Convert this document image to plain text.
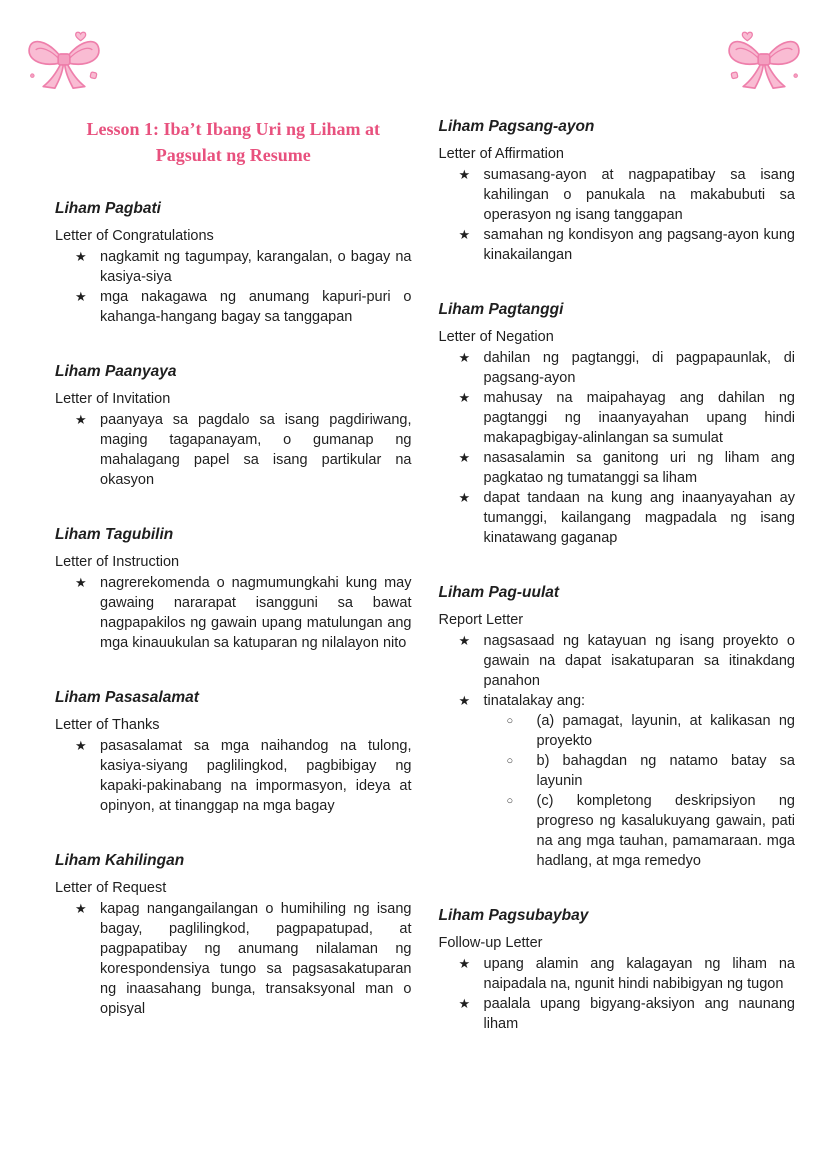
Lesson 1: Iba’t Ibang Uri ng Liham at
Pagsulat ng Resume
Liham Pagbati

Letter of Congratulations

★ nagkamit ng tagumpay, karangalan, o bagay na kasiya-siya
★ mga nakagawa ng anumang kapuri-puri o kahanga-hangang bagay sa tanggapan
Liham Paanyaya

Letter of Invitation

★ paanyaya sa pagdalo sa isang pagdiriwang, maging tagapanayam, o gumanap ng mahalagang papel sa isang partikular na okasyon
Liham Tagubilin

Letter of Instruction

★ nagrerekomenda o nagmumungkahi kung may gawaing nararapat isangguni sa bawat nagpapakilos ng gawain upang matulungan ang mga kinauukulan sa katuparan ng nilalayon nito
Liham Pasasalamat

Letter of Thanks

★ pasasalamat sa mga naihandog na tulong, kasiya-siyang paglilingkod, pagbibigay ng kapaki-pakinabang na impormasyon, ideya at opinyon, at tinanggap na mga bagay
Liham Kahilingan

Letter of Request

★ kapag nangangailangan o humihiling ng isang bagay, paglilingkod, pagpapatupad, at pagpapatibay ng anumang nilalaman ng korespondensiya tungo sa pagsasakatuparan ng inaasahang bunga, transaksyonal man o opisyal
Liham Pagsang-ayon

Letter of Affirmation

★ sumasang-ayon at nagpapatibay sa isang kahilingan o panukala na makabubuti sa operasyon ng isang tanggapan
★ samahan ng kondisyon ang pagsang-ayon kung kinakailangan
Liham Pagtanggi

Letter of Negation

★ dahilan ng pagtanggi, di pagpapaunlak, di pagsang-ayon
★ mahusay na maipahayag ang dahilan ng pagtanggi ng inaanyayahan upang hindi makapagbigay-alinlangan sa sumulat
★ nasasalamin sa ganitong uri ng liham ang pagkatao ng tumatanggi sa liham
★ dapat tandaan na kung ang inaanyayahan ay tumanggi, kailangang magpadala ng isang kinatawang gaganap
Liham Pag-uulat

Report Letter

★ nagsasaad ng katayuan ng isang proyekto o gawain na dapat isakatuparan sa itinakdang panahon
★ tinatalakay ang:
○	(a) pamagat, layunin, at kalikasan ng proyekto
○	b) bahagdan ng natamo batay sa layunin
○	(c) kompletong deskripsiyon ng progreso ng kasalukuyang gawain, pati na ang mga tauhan, pamamaraan. mga hadlang, at mga remedyo
Liham Pagsubaybay

Follow-up Letter

★ upang alamin ang kalagayan ng liham na naipadala na, ngunit hindi nabibigyan ng tugon
★ paalala upang bigyang-aksiyon ang naunang liham
